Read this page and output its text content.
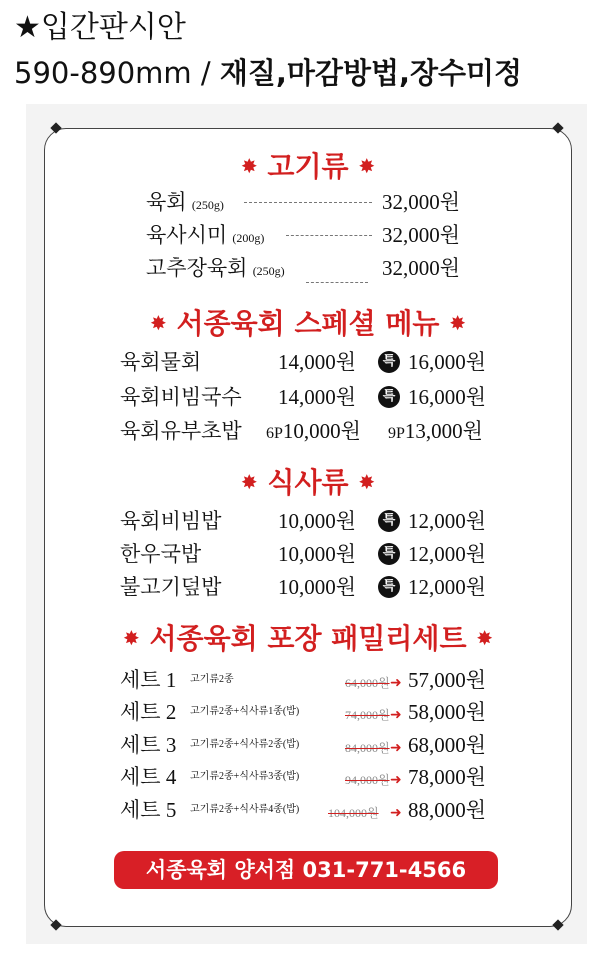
★입간판시안
590-890mm / 재질,마감방법,장수미정
✸ 고기류 ✸
육회 (250g)	32,000원
육사시미 (200g)	32,000원
고추장육회 (250g)	32,000원
✸ 서종육회 스페셜 메뉴 ✸
육회물회	14,000원	특 16,000원
육회비빔국수 14,000원	특 16,000원
육회유부초밥 6P10,000원 9P13,000원
✸ 식사류 ✸
육회비빔밥	10,000원	특 12,000원
한우국밥	10,000원	특 12,000원
불고기덮밥	10,000원	특 12,000원
✸ 서종육회 포장 패밀리세트 ✸
세트 1 고기류2종	64,000원 ➜ 57,000원
세트 2 고기류2종+식사류1종(밥)	74,000원 ➜ 58,000원
세트 3 고기류2종+식사류2종(밥)	84,000원 ➜ 68,000원
세트 4 고기류2종+식사류3종(밥)	94,000원 ➜ 78,000원
세트 5 고기류2종+식사류4종(밥) 104,000원 ➜ 88,000원
서종육회 양서점 031-771-4566
